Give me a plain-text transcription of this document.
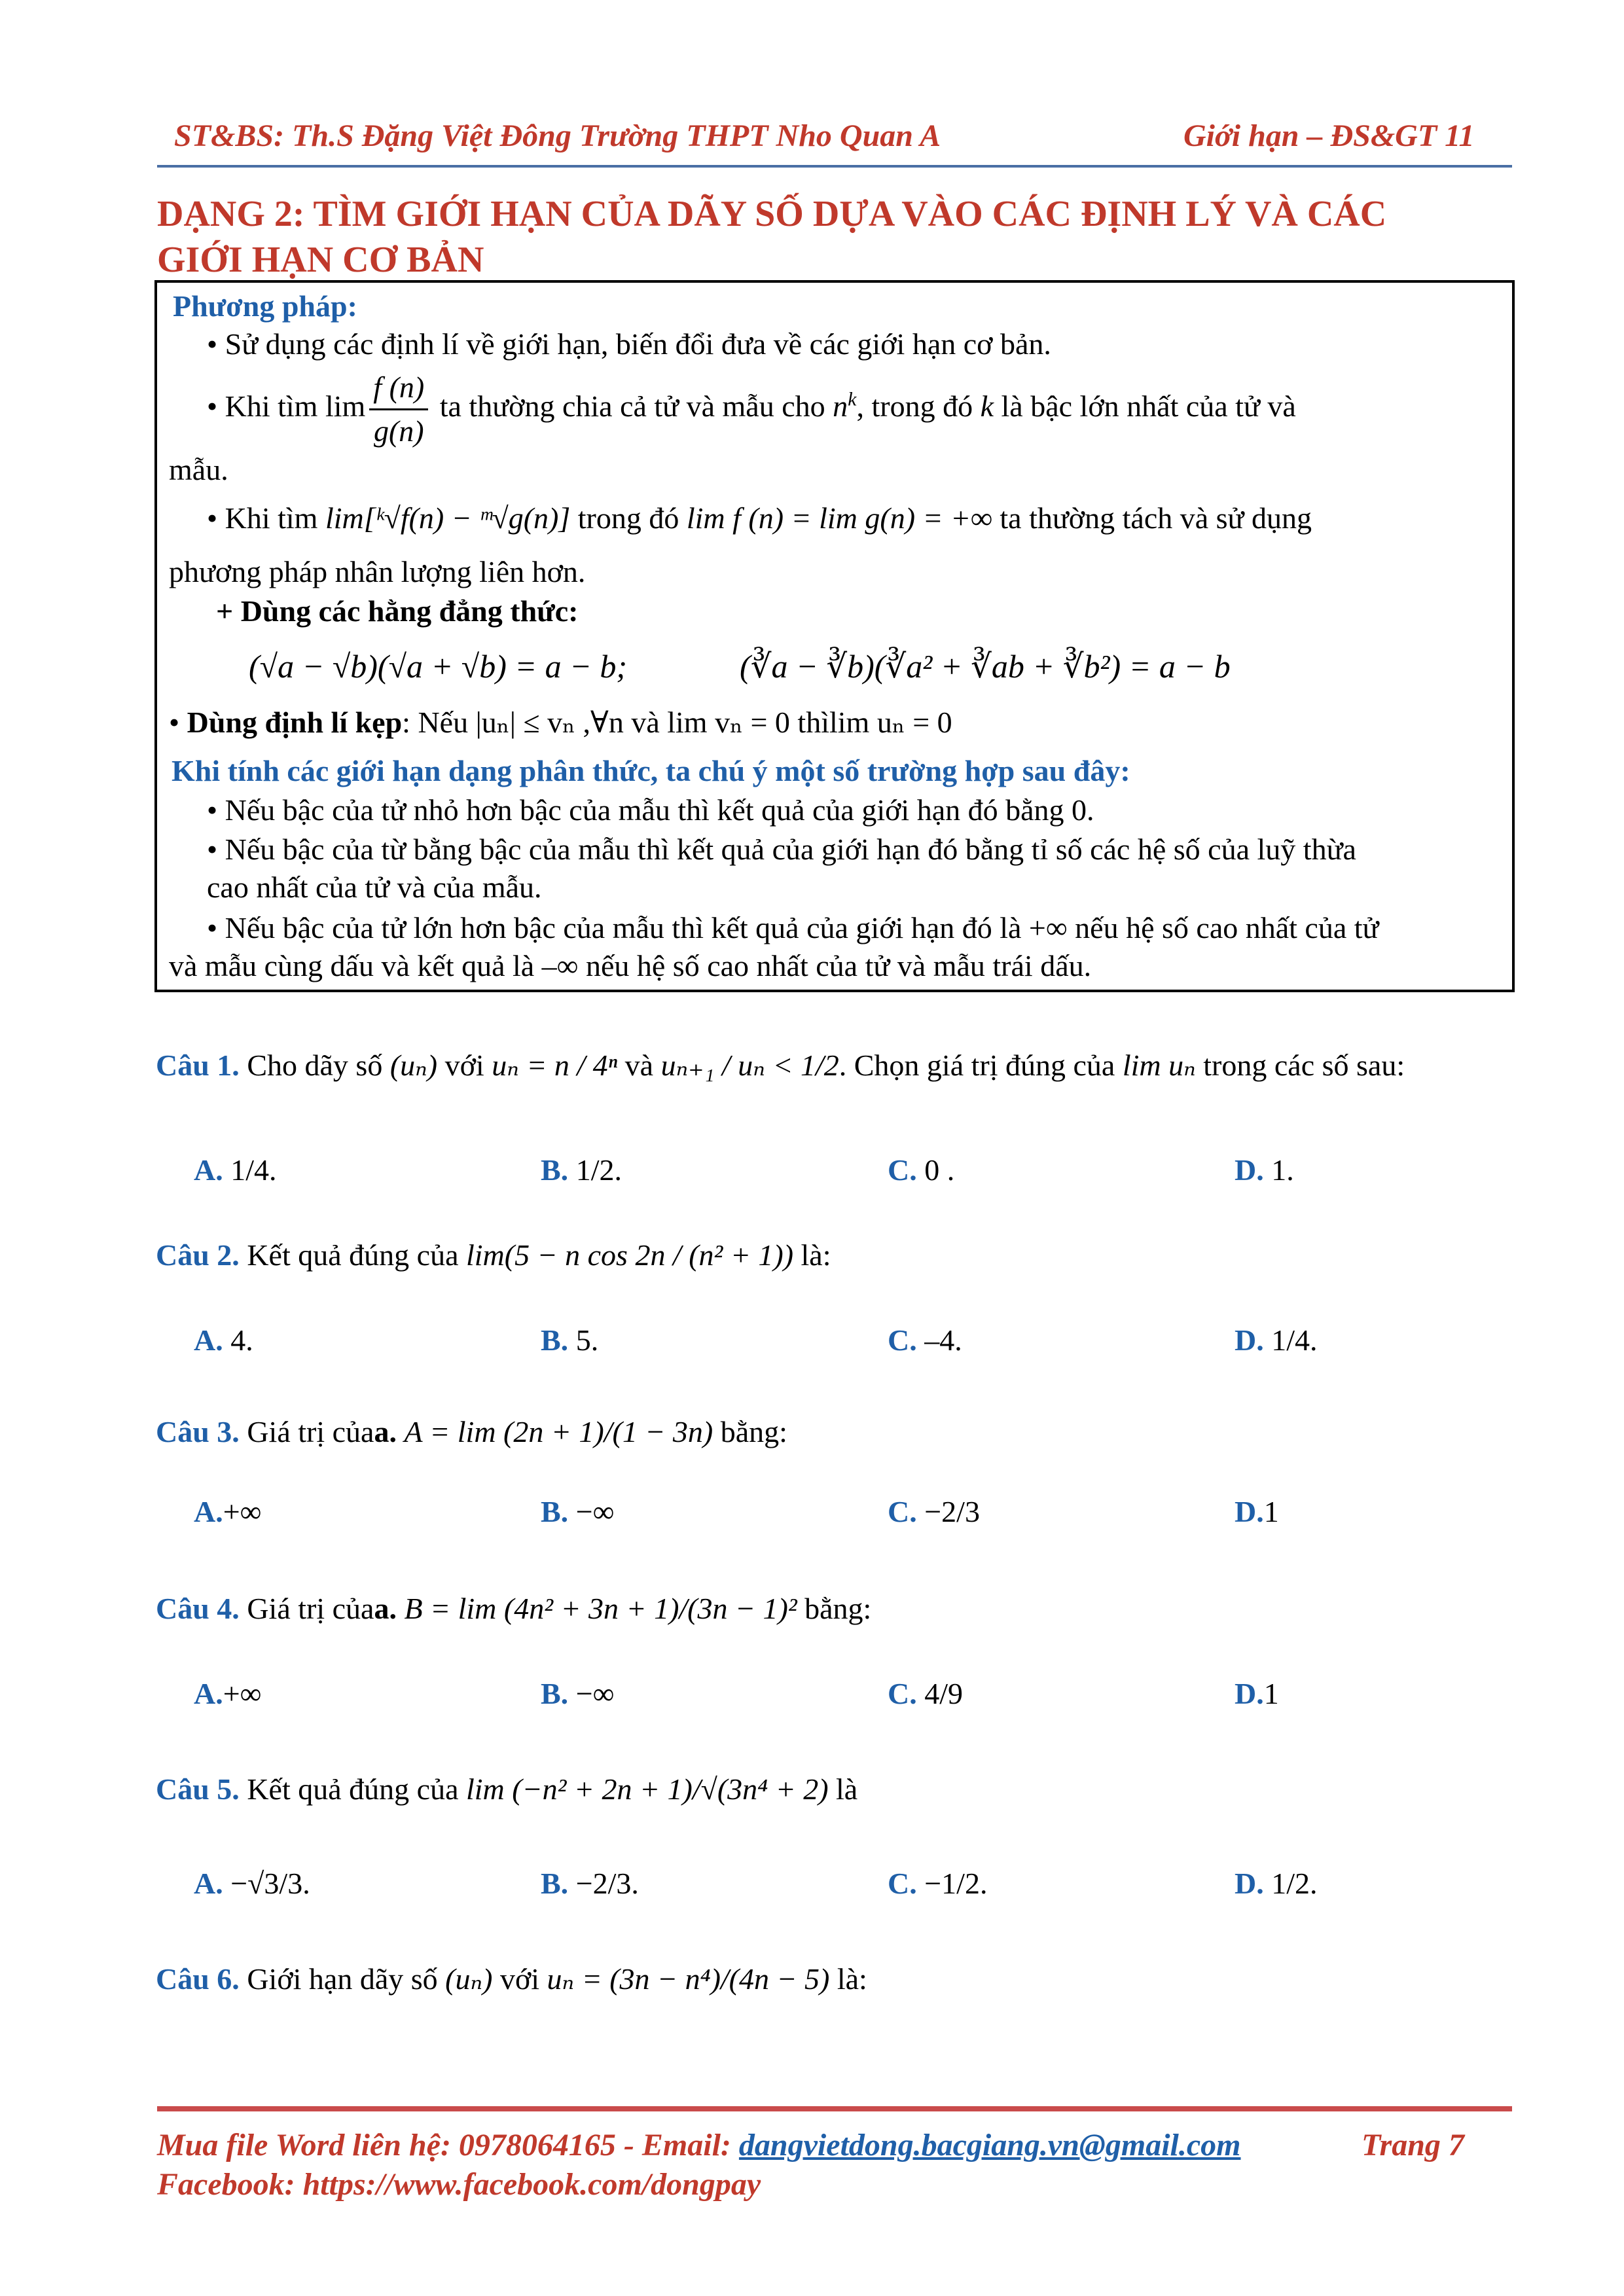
ST&BS: Th.S Đặng Việt Đông Trường THPT Nho Quan A	Giới hạn – ĐS&GT 11
DẠNG 2: TÌM GIỚI HẠN CỦA DÃY SỐ DỰA VÀO CÁC ĐỊNH LÝ VÀ CÁC
GIỚI HẠN CƠ BẢN
Phương pháp:
• Sử dụng các định lí về giới hạn, biến đổi đưa về các giới hạn cơ bản.
• Khi tìm $\lim \frac{f (n)}{g(n)}$ ta thường chia cả tử và mẫu cho $n^k$, trong đó k là bậc lớn nhất của tử và
mẫu.
• Khi tìm lim[ᵏ√f(n) − ᵐ√g(n)] trong đó lim f (n) = lim g(n) = +∞ ta thường tách và sử dụng
phương pháp nhân lượng liên hơn.
+ Dùng các hằng đẳng thức:
(√a − √b)(√a + √b) = a − b;	(∛a − ∛b)(∛a² + ∛ab + ∛b²) = a − b
• Dùng định lí kẹp: Nếu |uₙ| ≤ vₙ ,∀n và lim vₙ = 0 thìlim uₙ = 0
Khi tính các giới hạn dạng phân thức, ta chú ý một số trường hợp sau đây:
• Nếu bậc của tử nhỏ hơn bậc của mẫu thì kết quả của giới hạn đó bằng 0.
• Nếu bậc của từ bằng bậc của mẫu thì kết quả của giới hạn đó bằng tỉ số các hệ số của luỹ thừa
cao nhất của tử và của mẫu.
• Nếu bậc của tử lớn hơn bậc của mẫu thì kết quả của giới hạn đó là +∞ nếu hệ số cao nhất của tử
và mẫu cùng dấu và kết quả là –∞ nếu hệ số cao nhất của tử và mẫu trái dấu.
Câu 1. Cho dãy số (uₙ) với uₙ = n / 4ⁿ và uₙ₊₁ / uₙ < 1/2. Chọn giá trị đúng của lim uₙ trong các số sau:
A. 1/4.	B. 1/2.	C. 0 .	D. 1.
Câu 2. Kết quả đúng của lim(5 − n cos 2n / (n² + 1)) là:
A. 4.	B. 5.	C. –4.	D. 1/4.
Câu 3. Giá trị củaa. A = lim (2n + 1)/(1 − 3n) bằng:
A.+∞	B. −∞	C. −2/3	D.1
Câu 4. Giá trị củaa. B = lim (4n² + 3n + 1)/(3n − 1)² bằng:
A.+∞	B. −∞	C. 4/9	D.1
Câu 5. Kết quả đúng của lim (−n² + 2n + 1)/√(3n⁴ + 2) là
A. −√3/3.	B. −2/3.	C. −1/2.	D. 1/2.
Câu 6. Giới hạn dãy số (uₙ) với uₙ = (3n − n⁴)/(4n − 5) là:
Mua file Word liên hệ: 0978064165 - Email: dangvietdong.bacgiang.vn@gmail.com	Trang 7
Facebook: https://www.facebook.com/dongpay
